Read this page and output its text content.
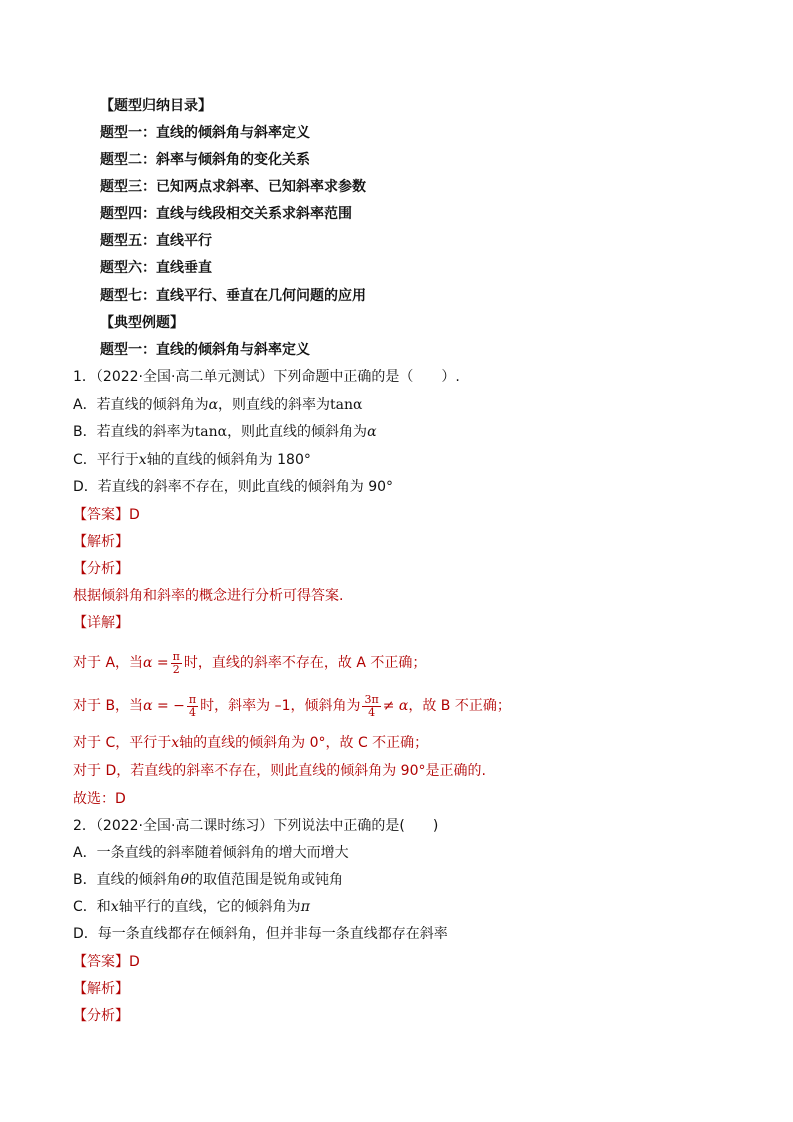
【题型归纳目录】
题型一：直线的倾斜角与斜率定义
题型二：斜率与倾斜角的变化关系
题型三：已知两点求斜率、已知斜率求参数
题型四：直线与线段相交关系求斜率范围
题型五：直线平行
题型六：直线垂直
题型七：直线平行、垂直在几何问题的应用
【典型例题】
题型一：直线的倾斜角与斜率定义
1．（2022·全国·高二单元测试）下列命题中正确的是（　　）.
A．若直线的倾斜角为α，则直线的斜率为tanα
B．若直线的斜率为tanα，则此直线的倾斜角为α
C．平行于x轴的直线的倾斜角为 180°
D．若直线的斜率不存在，则此直线的倾斜角为 90°
【答案】D
【解析】
【分析】
根据倾斜角和斜率的概念进行分析可得答案.
【详解】
对于 A，当$\alpha = \frac{\pi}{2}$ 时，直线的斜率不存在，故 A 不正确；
对于 B，当α = − $\frac{\pi}{4}$ 时，斜率为 –1，倾斜角为 $\frac{3\pi}{4} \ne \alpha$，故 B 不正确；
对于 C，平行于x轴的直线的倾斜角为 0°，故 C 不正确；
对于 D，若直线的斜率不存在，则此直线的倾斜角为 90°是正确的.
故选：D
2．（2022·全国·高二课时练习）下列说法中正确的是(　　)
A．一条直线的斜率随着倾斜角的增大而增大
B．直线的倾斜角θ的取值范围是锐角或钝角
C．和x轴平行的直线，它的倾斜角为π
D．每一条直线都存在倾斜角，但并非每一条直线都存在斜率
【答案】D
【解析】
【分析】
